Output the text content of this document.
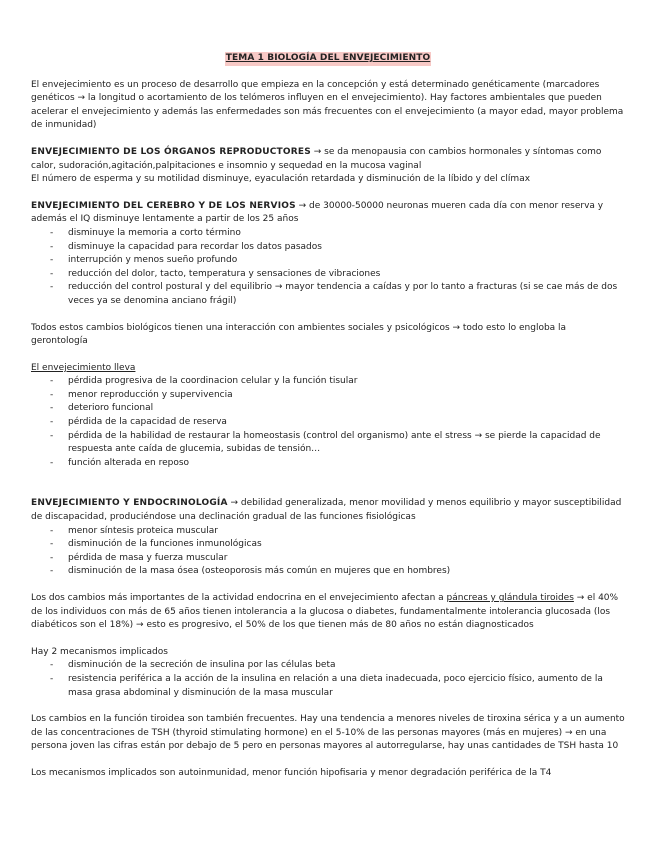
TEMA 1 BIOLOGÍA DEL ENVEJECIMIENTO

El envejecimiento es un proceso de desarrollo que empieza en la concepción y está determinado genéticamente (marcadores genéticos → la longitud o acortamiento de los telómeros influyen en el envejecimiento). Hay factores ambientales que pueden acelerar el envejecimiento y además las enfermedades son más frecuentes con el envejecimiento (a mayor edad, mayor problema de inmunidad)

ENVEJECIMIENTO DE LOS ÓRGANOS REPRODUCTORES → se da menopausia con cambios hormonales y síntomas como calor, sudoración,agitación,palpitaciones e insomnio y sequedad en la mucosa vaginal

El número de esperma y su motilidad disminuye, eyaculación retardada y disminución de la líbido y del clímax

ENVEJECIMIENTO DEL CEREBRO Y DE LOS NERVIOS → de 30000-50000 neuronas mueren cada día con menor reserva y además el IQ disminuye lentamente a partir de los 25 años

- disminuye la memoria a corto término
- disminuye la capacidad para recordar los datos pasados
- interrupción y menos sueño profundo
- reducción del dolor, tacto, temperatura y sensaciones de vibraciones
- reducción del control postural y del equilibrio → mayor tendencia a caídas y por lo tanto a fracturas (si se cae más de dos veces ya se denomina anciano frágil)

Todos estos cambios biológicos tienen una interacción con ambientes sociales y psicológicos → todo esto lo engloba la gerontología

El envejecimiento lleva

- pérdida progresiva de la coordinacion celular y la función tisular
- menor reproducción y supervivencia
- deterioro funcional
- pérdida de la capacidad de reserva
- pérdida de la habilidad de restaurar la homeostasis (control del organismo) ante el stress → se pierde la capacidad de respuesta ante caída de glucemia, subidas de tensión…
- función alterada en reposo

ENVEJECIMIENTO Y ENDOCRINOLOGÍA → debilidad generalizada, menor movilidad y menos equilibrio y mayor susceptibilidad de discapacidad, produciéndose una declinación gradual de las funciones fisiológicas

- menor síntesis proteica muscular
- disminución de la funciones inmunológicas
- pérdida de masa y fuerza muscular
- disminución de la masa ósea (osteoporosis más común en mujeres que en hombres)

Los dos cambios más importantes de la actividad endocrina en el envejecimiento afectan a páncreas y glándula tiroides → el 40% de los individuos con más de 65 años tienen intolerancia a la glucosa o diabetes, fundamentalmente intolerancia glucosada (los diabéticos son el 18%) → esto es progresivo, el 50% de los que tienen más de 80 años no están diagnosticados

Hay 2 mecanismos implicados

- disminución de la secreción de insulina por las células beta
- resistencia periférica a la acción de la insulina en relación a una dieta inadecuada, poco ejercicio físico, aumento de la masa grasa abdominal y disminución de la masa muscular

Los cambios en la función tiroidea son también frecuentes. Hay una tendencia a menores niveles de tiroxina sérica y a un aumento de las concentraciones de TSH (thyroid stimulating hormone) en el 5-10% de las personas mayores (más en mujeres) → en una persona joven las cifras están por debajo de 5 pero en personas mayores al autorregularse, hay unas cantidades de TSH hasta 10

Los mecanismos implicados son autoinmunidad, menor función hipofisaria y menor degradación periférica de la T4
